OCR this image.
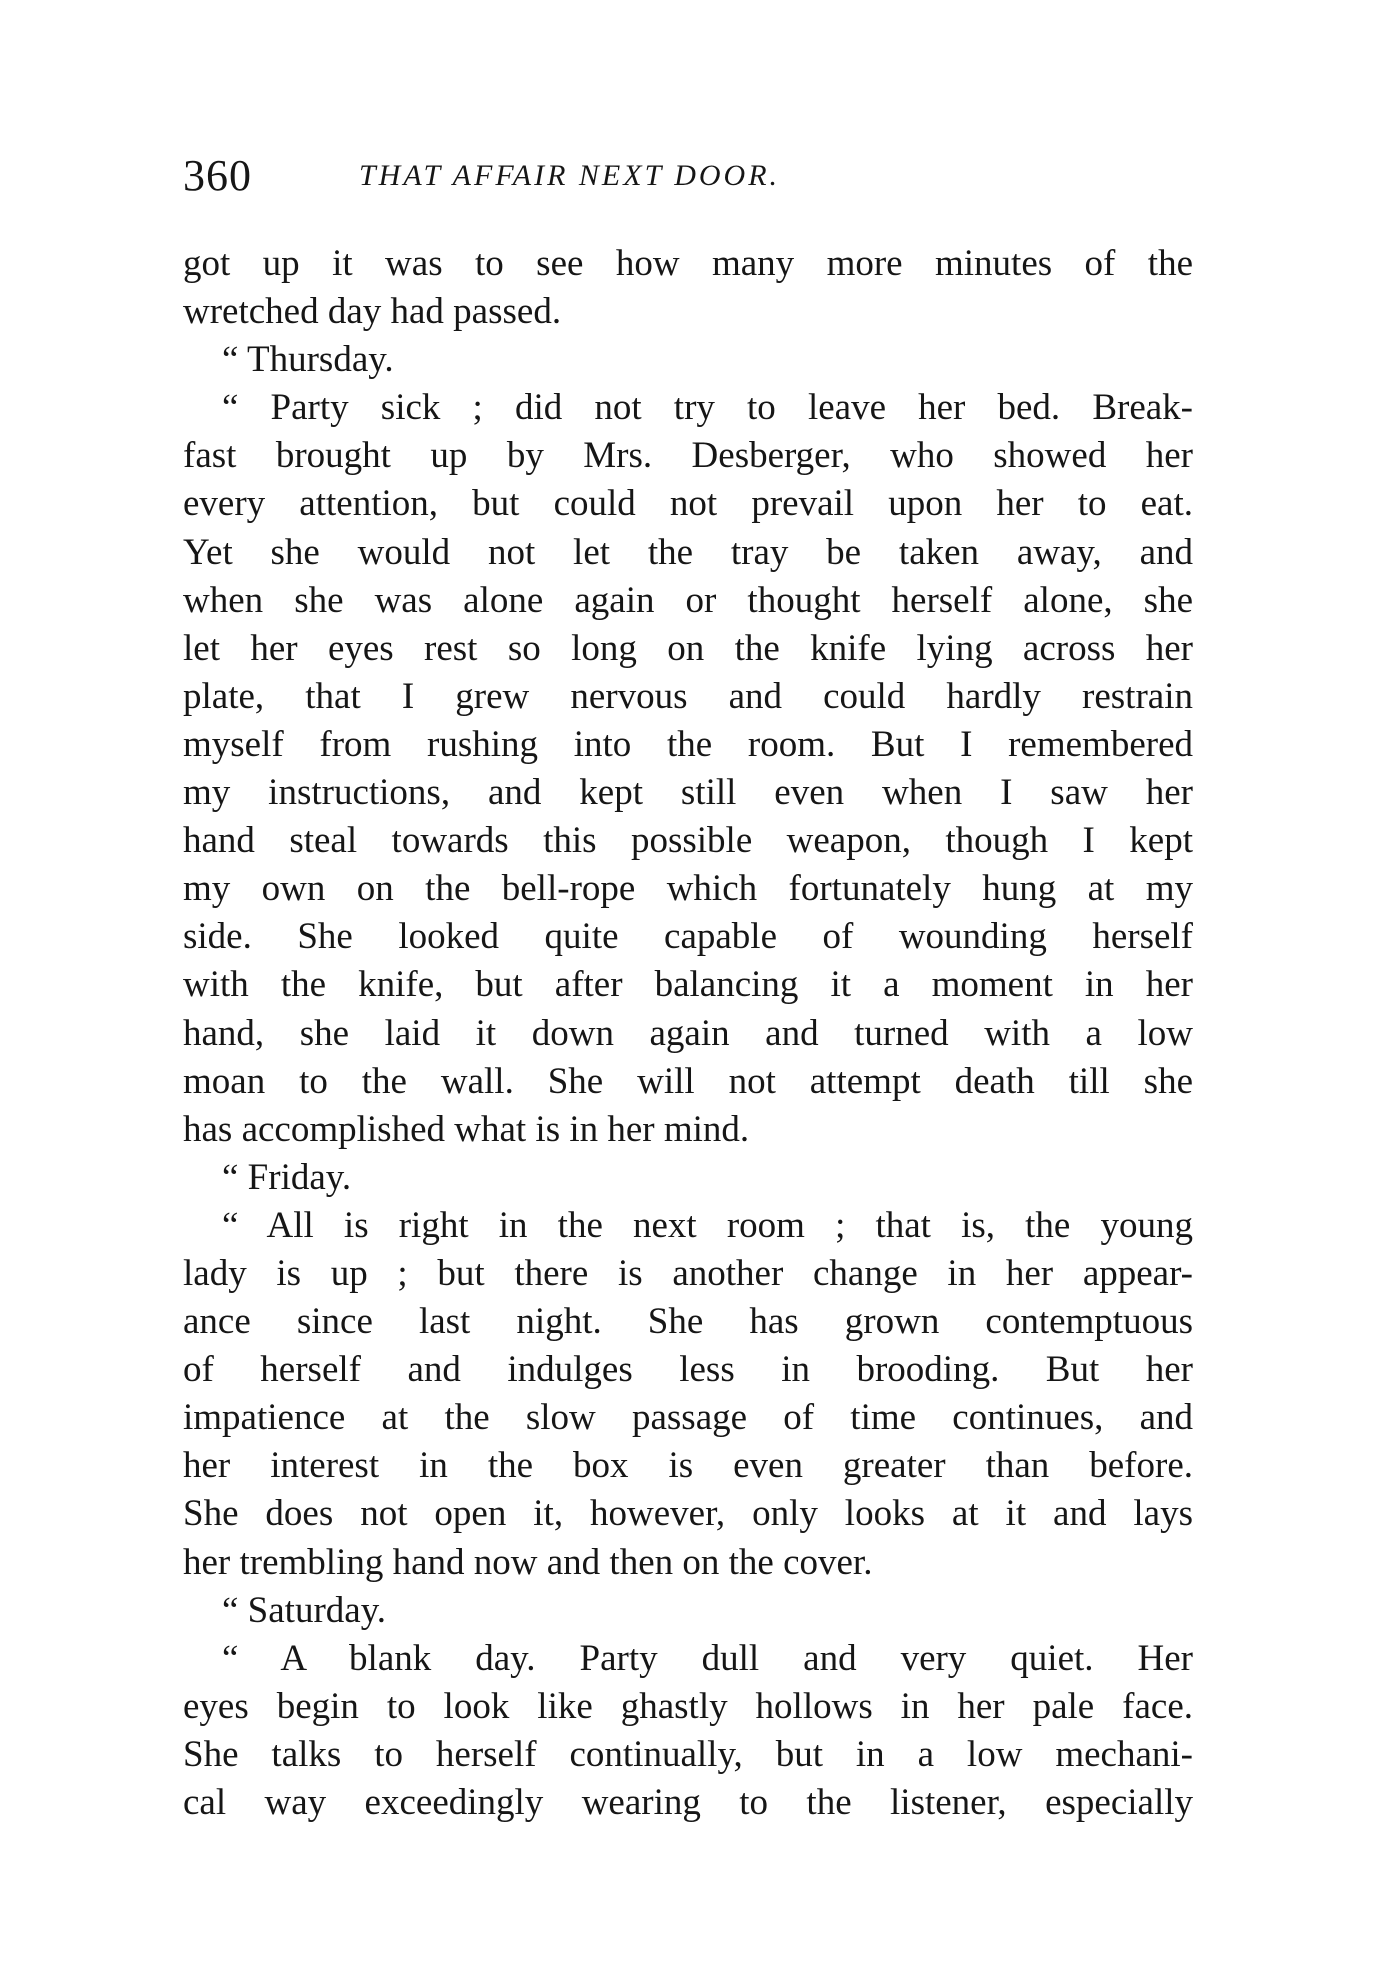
360	THAT AFFAIR NEXT DOOR.
got up it was to see how many more minutes of the
wretched day had passed.
“ Thursday.
“ Party sick ; did not try to leave her bed. Break-
fast brought up by Mrs. Desberger, who showed her
every attention, but could not prevail upon her to eat.
Yet she would not let the tray be taken away, and
when she was alone again or thought herself alone, she
let her eyes rest so long on the knife lying across her
plate, that I grew nervous and could hardly restrain
myself from rushing into the room. But I remembered
my instructions, and kept still even when I saw her
hand steal towards this possible weapon, though I kept
my own on the bell-rope which fortunately hung at my
side. She looked quite capable of wounding herself
with the knife, but after balancing it a moment in her
hand, she laid it down again and turned with a low
moan to the wall. She will not attempt death till she
has accomplished what is in her mind.
“ Friday.
“ All is right in the next room ; that is, the young
lady is up ; but there is another change in her appear-
ance since last night. She has grown contemptuous
of herself and indulges less in brooding. But her
impatience at the slow passage of time continues, and
her interest in the box is even greater than before.
She does not open it, however, only looks at it and lays
her trembling hand now and then on the cover.
“ Saturday.
“ A blank day. Party dull and very quiet. Her
eyes begin to look like ghastly hollows in her pale face.
She talks to herself continually, but in a low mechani-
cal way exceedingly wearing to the listener, especially
